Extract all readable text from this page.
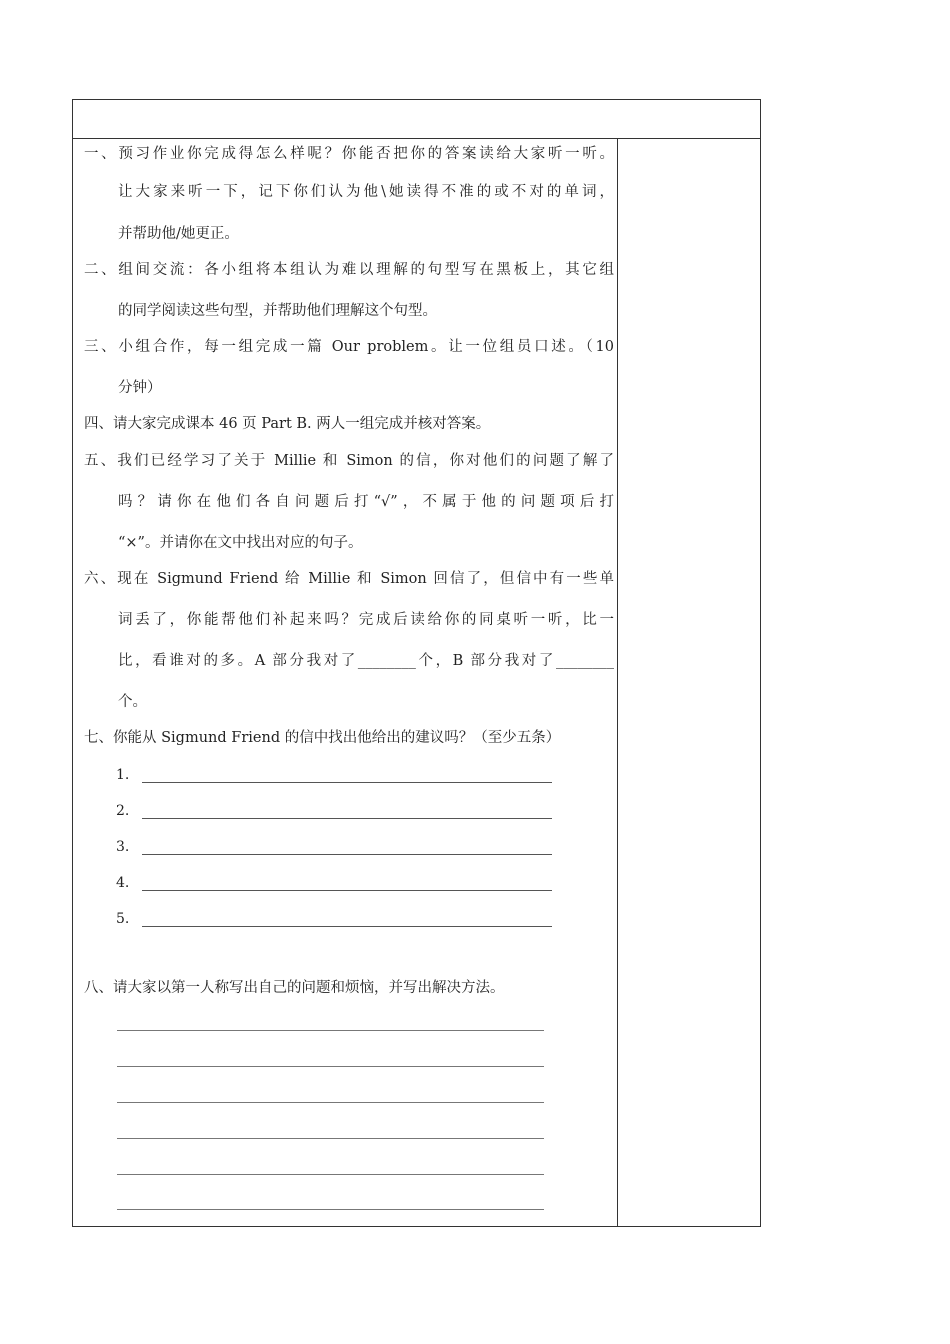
一、预习作业你完成得怎么样呢？你能否把你的答案读给大家听一听。
让大家来听一下，记下你们认为他\她读得不准的或不对的单词，
并帮助他/她更正。
二、组间交流：各小组将本组认为难以理解的句型写在黑板上，其它组
的同学阅读这些句型，并帮助他们理解这个句型。
三、小组合作，每一组完成一篇 Our problem。让一位组员口述。（10
分钟）
四、请大家完成课本 46 页 Part B. 两人一组完成并核对答案。
五、我们已经学习了关于 Millie 和 Simon 的信，你对他们的问题了解了
吗？请你在他们各自问题后打“√”，不属于他的问题项后打
“×”。并请你在文中找出对应的句子。
六、现在 Sigmund Friend 给 Millie 和 Simon 回信了，但信中有一些单
词丢了，你能帮他们补起来吗？完成后读给你的同桌听一听，比一
比，看谁对的多。A 部分我对了________个，B 部分我对了________
个。
七、你能从 Sigmund Friend 的信中找出他给出的建议吗？（至少五条）
1.
2.
3.
4.
5.
八、请大家以第一人称写出自己的问题和烦恼，并写出解决方法。
